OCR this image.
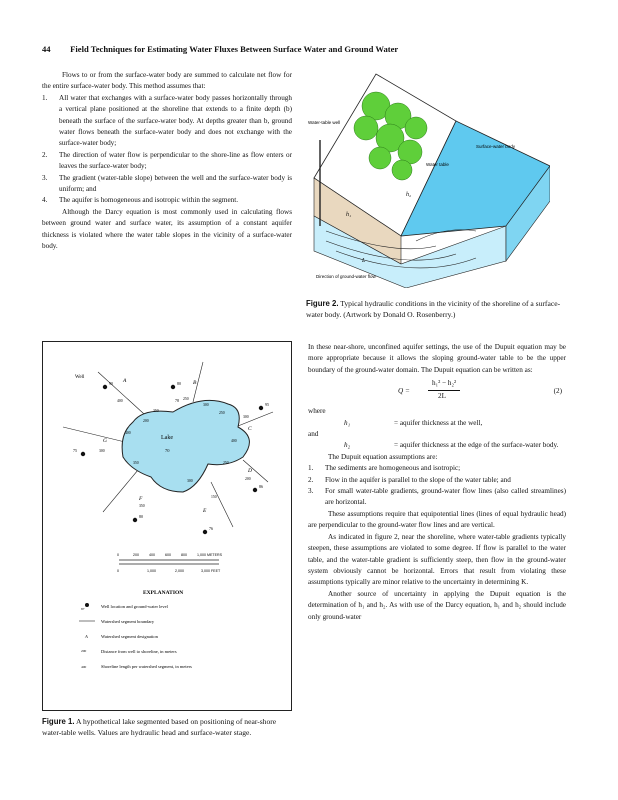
44 Field Techniques for Estimating Water Fluxes Between Surface Water and Ground Water

Flows to or from the surface-water body are summed to calculate net flow for the entire surface-water body. This method assumes that:

1.	All water that exchanges with a surface-water body passes horizontally through a vertical plane positioned at the shoreline that extends to a finite depth (b) beneath the surface of the surface-water body. At depths greater than b, ground water flows beneath the surface-water body and does not exchange with the surface-water body;
2.	The direction of water flow is perpendicular to the shore-line as flow enters or leaves the surface-water body;
3.	The gradient (water-table slope) between the well and the surface-water body is uniform; and
4.	The aquifer is homogeneous and isotropic within the segment.

Although the Darcy equation is most commonly used in calculating flows between ground water and surface water, its assumption of a constant aquifer thickness is violated where the water table slopes in the vicinity of a surface-water body.

Water-table well
Surface-water body
Water table
h₁
h₂
L
Direction of ground-water flow
Figure 2. Typical hydraulic conditions in the vicinity of the shoreline of a surface-water body. (Artwork by Donald O. Rosenberry.)

In these near-shore, unconfined aquifer settings, the use of the Dupuit equation may be more appropriate because it allows the sloping ground-water table to be the upper boundary of the ground-water domain. The Dupuit equation can be written as:

Q =
h₁² − h₂²
2L
(2)

where

h₁	= aquifer thickness at the well,

and

h₂	= aquifer thickness at the edge of the surface-water body.

The Dupuit equation assumptions are:

1.	The sediments are homogeneous and isotropic;
2.	Flow in the aquifer is parallel to the slope of the water table; and
3.	For small water-table gradients, ground-water flow lines (also called streamlines) are horizontal.

These assumptions require that equipotential lines (lines of equal hydraulic head) are perpendicular to the ground-water flow lines and are vertical.

As indicated in figure 2, near the shoreline, where water-table gradients typically steepen, these assumptions are violated to some degree. If flow is parallel to the water table, and the water-table gradient is sufficiently steep, then flow in the ground-water system obviously cannot be horizontal. Errors that result from violating these assumptions typically are minor relative to the uncertainty in determining K.

Another source of uncertainty in applying the Dupuit equation is the determination of h₁ and h₂. As with use of the Darcy equation, h₁ and h₂ should include only ground-water

Lake
70
Well
A	B
C
D
E
F
G
90	80
95
86
76
80
75
78
400	250
300
200
150
350
300
250
350
200
300
400
250
300
350
400
0	200	400	600	800	1,000 METERS
0	1,000	2,000	3,000 FEET
EXPLANATION
87	Well location and ground-water level
Watershed segment boundary
A	Watershed segment designation
200	Distance from well to shoreline, in meters
400	Shoreline length per watershed segment, in meters
Figure 1. A hypothetical lake segmented based on positioning of near-shore water-table wells. Values are hydraulic head and surface-water stage.
